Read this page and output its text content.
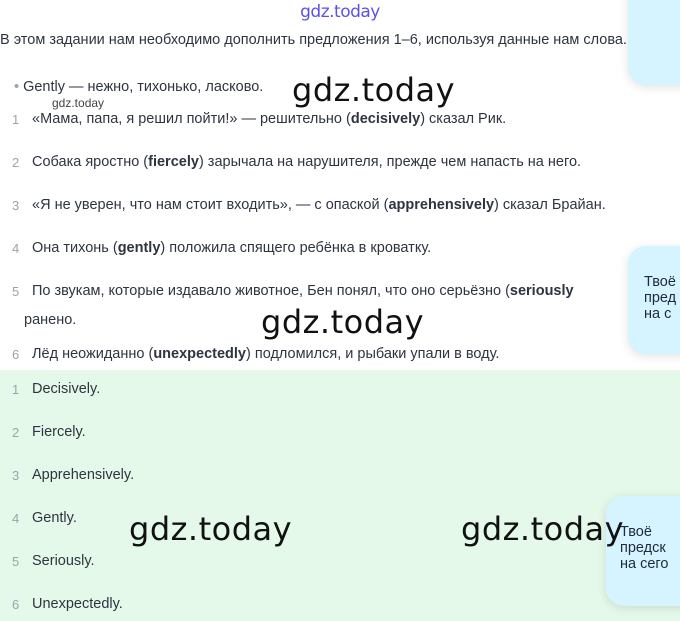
gdz.today
В этом задании нам необходимо дополнить предложения 1–6, используя данные нам слова.
• Gently — нежно, тихонько, ласково.
1 «Мама, папа, я решил пойти!» — решительно (decisively) сказал Рик.
2 Собака яростно (fiercely) зарычала на нарушителя, прежде чем напасть на него.
3 «Я не уверен, что нам стоит входить», — с опаской (apprehensively) сказал Брайан.
4 Она тихонь (gently) положила спящего ребёнка в кроватку.
5 По звукам, которые издавало животное, Бен понял, что оно серьёзно (seriously
ранено.
6 Лёд неожиданно (unexpectedly) подломился, и рыбаки упали в воду.
1 Decisively.
2 Fiercely.
3 Apprehensively.
4 Gently.
5 Seriously.
6 Unexpectedly.
Твоё
пред
на с
Твоё
предск
на сего
gdz.today
gdz.today
gdz.today
gdz.today	gdz.today
